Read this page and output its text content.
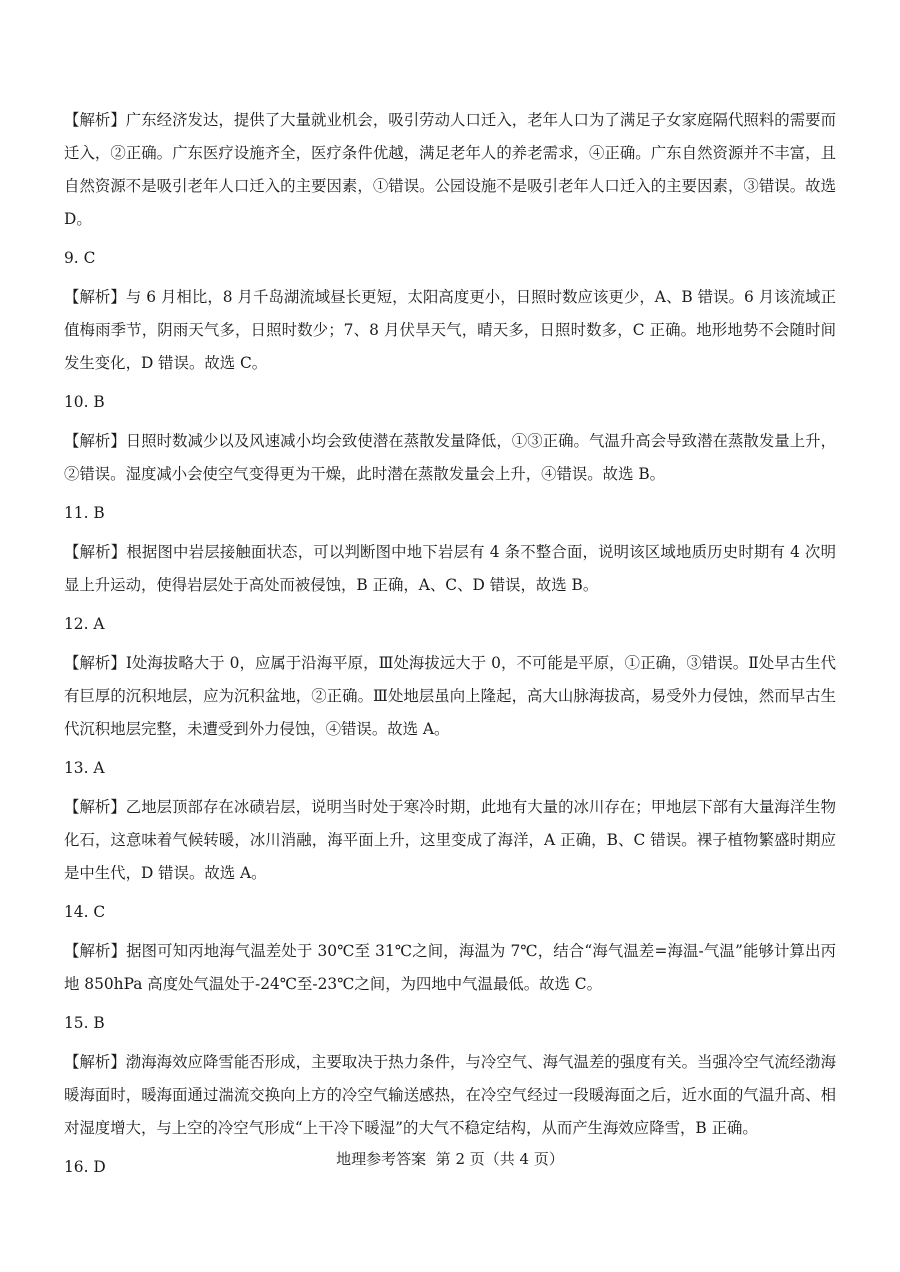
【解析】广东经济发达，提供了大量就业机会，吸引劳动人口迁入，老年人口为了满足子女家庭隔代照料的需要而迁入，②正确。广东医疗设施齐全，医疗条件优越，满足老年人的养老需求，④正确。广东自然资源并不丰富，且自然资源不是吸引老年人口迁入的主要因素，①错误。公园设施不是吸引老年人口迁入的主要因素，③错误。故选 D。

9. C

【解析】与 6 月相比，8 月千岛湖流域昼长更短，太阳高度更小，日照时数应该更少，A、B 错误。6 月该流域正值梅雨季节，阴雨天气多，日照时数少；7、8 月伏旱天气，晴天多，日照时数多，C 正确。地形地势不会随时间发生变化，D 错误。故选 C。

10. B

【解析】日照时数减少以及风速减小均会致使潜在蒸散发量降低，①③正确。气温升高会导致潜在蒸散发量上升，②错误。湿度减小会使空气变得更为干燥，此时潜在蒸散发量会上升，④错误。故选 B。

11. B

【解析】根据图中岩层接触面状态，可以判断图中地下岩层有 4 条不整合面，说明该区域地质历史时期有 4 次明显上升运动，使得岩层处于高处而被侵蚀，B 正确，A、C、D 错误，故选 B。

12. A

【解析】Ⅰ处海拔略大于 0，应属于沿海平原，Ⅲ处海拔远大于 0，不可能是平原，①正确，③错误。Ⅱ处早古生代有巨厚的沉积地层，应为沉积盆地，②正确。Ⅲ处地层虽向上隆起，高大山脉海拔高，易受外力侵蚀，然而早古生代沉积地层完整，未遭受到外力侵蚀，④错误。故选 A。

13. A

【解析】乙地层顶部存在冰碛岩层，说明当时处于寒冷时期，此地有大量的冰川存在；甲地层下部有大量海洋生物化石，这意味着气候转暖，冰川消融，海平面上升，这里变成了海洋，A 正确，B、C 错误。裸子植物繁盛时期应是中生代，D 错误。故选 A。

14. C

【解析】据图可知丙地海气温差处于 30℃至 31℃之间，海温为 7℃，结合“海气温差=海温-气温”能够计算出丙地 850hPa 高度处气温处于-24℃至-23℃之间，为四地中气温最低。故选 C。

15. B

【解析】渤海海效应降雪能否形成，主要取决于热力条件，与冷空气、海气温差的强度有关。当强冷空气流经渤海暖海面时，暖海面通过湍流交换向上方的冷空气输送感热，在冷空气经过一段暖海面之后，近水面的气温升高、相对湿度增大，与上空的冷空气形成“上干冷下暖湿”的大气不稳定结构，从而产生海效应降雪，B 正确。

16. D	地理参考答案  第 2 页（共 4 页）
